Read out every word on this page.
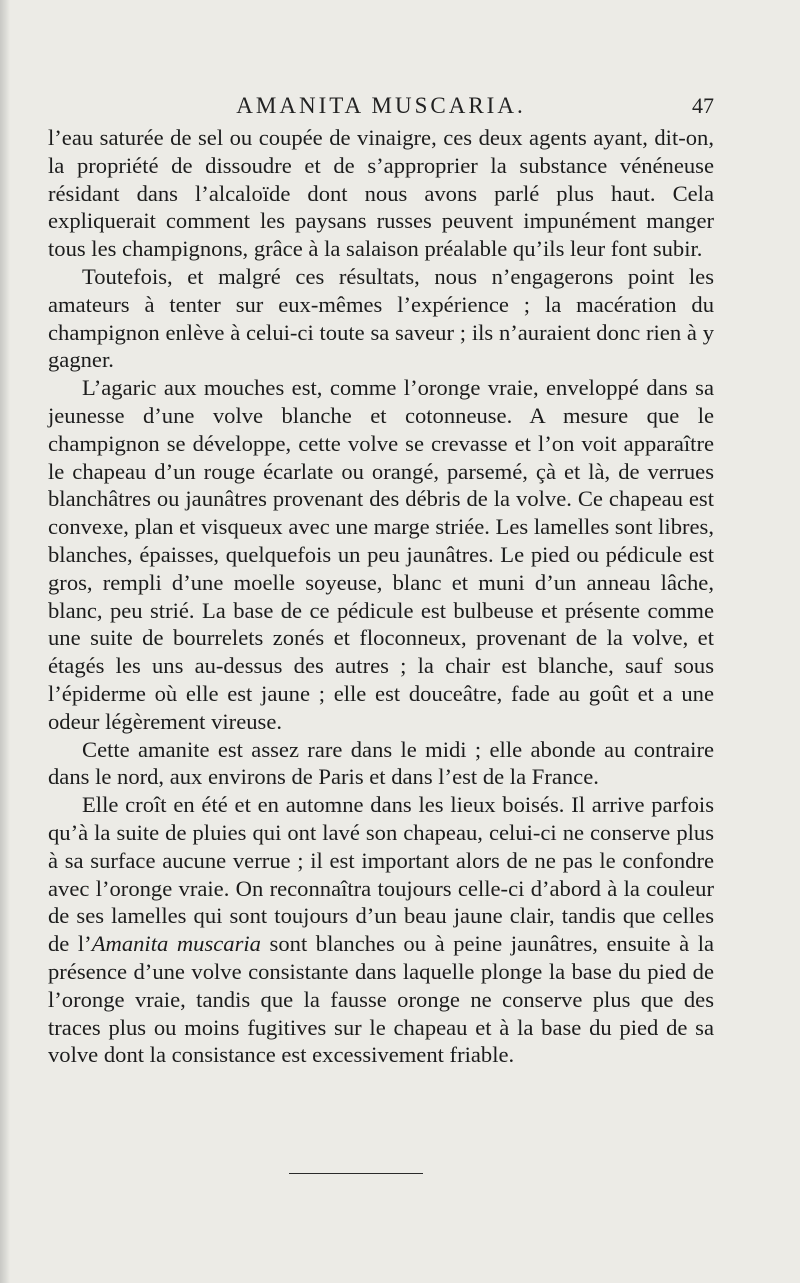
AMANITA MUSCARIA.	47
l’eau saturée de sel ou coupée de vinaigre, ces deux agents ayant, dit-on, la propriété de dissoudre et de s’approprier la substance vénéneuse résidant dans l’alcaloïde dont nous avons parlé plus haut. Cela expliquerait comment les paysans russes peuvent impunément manger tous les champignons, grâce à la salaison préalable qu’ils leur font subir.
Toutefois, et malgré ces résultats, nous n’engagerons point les amateurs à tenter sur eux-mêmes l’expérience ; la macération du champignon enlève à celui-ci toute sa saveur ; ils n’auraient donc rien à y gagner.
L’agaric aux mouches est, comme l’oronge vraie, enveloppé dans sa jeunesse d’une volve blanche et cotonneuse. A mesure que le champignon se développe, cette volve se crevasse et l’on voit apparaître le chapeau d’un rouge écarlate ou orangé, parsemé, çà et là, de verrues blanchâtres ou jaunâtres provenant des débris de la volve. Ce chapeau est convexe, plan et visqueux avec une marge striée. Les lamelles sont libres, blanches, épaisses, quelquefois un peu jaunâtres. Le pied ou pédicule est gros, rempli d’une moelle soyeuse, blanc et muni d’un anneau lâche, blanc, peu strié. La base de ce pédicule est bulbeuse et présente comme une suite de bourrelets zonés et floconneux, provenant de la volve, et étagés les uns au-dessus des autres ; la chair est blanche, sauf sous l’épiderme où elle est jaune ; elle est douceâtre, fade au goût et a une odeur légèrement vireuse.
Cette amanite est assez rare dans le midi ; elle abonde au contraire dans le nord, aux environs de Paris et dans l’est de la France.
Elle croît en été et en automne dans les lieux boisés. Il arrive parfois qu’à la suite de pluies qui ont lavé son chapeau, celui-ci ne conserve plus à sa surface aucune verrue ; il est important alors de ne pas le confondre avec l’oronge vraie. On reconnaîtra toujours celle-ci d’abord à la couleur de ses lamelles qui sont toujours d’un beau jaune clair, tandis que celles de l’Amanita muscaria sont blanches ou à peine jaunâtres, ensuite à la présence d’une volve consistante dans laquelle plonge la base du pied de l’oronge vraie, tandis que la fausse oronge ne conserve plus que des traces plus ou moins fugitives sur le chapeau et à la base du pied de sa volve dont la consistance est excessivement friable.
